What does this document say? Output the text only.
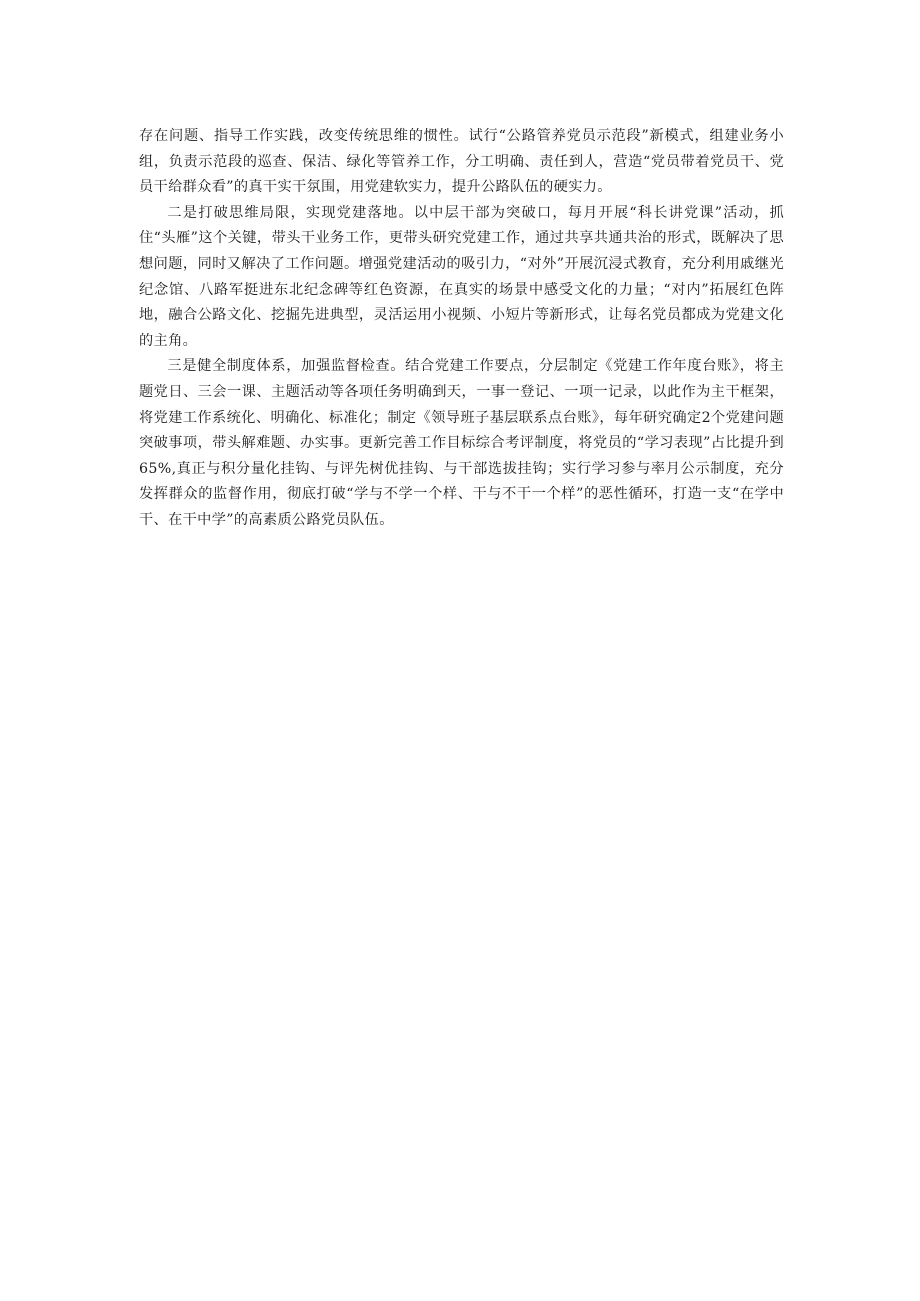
存在问题、指导工作实践，改变传统思维的惯性。试行“公路管养党员示范段”新模式，组建业务小组，负责示范段的巡查、保洁、绿化等管养工作，分工明确、责任到人，营造“党员带着党员干、党员干给群众看”的真干实干氛围，用党建软实力，提升公路队伍的硬实力。

二是打破思维局限，实现党建落地。以中层干部为突破口，每月开展“科长讲党课”活动，抓住“头雁”这个关键，带头干业务工作，更带头研究党建工作，通过共享共通共治的形式，既解决了思想问题，同时又解决了工作问题。增强党建活动的吸引力，“对外”开展沉浸式教育，充分利用戚继光纪念馆、八路军挺进东北纪念碑等红色资源，在真实的场景中感受文化的力量；“对内”拓展红色阵地，融合公路文化、挖掘先进典型，灵活运用小视频、小短片等新形式，让每名党员都成为党建文化的主角。

三是健全制度体系，加强监督检查。结合党建工作要点，分层制定《党建工作年度台账》，将主题党日、三会一课、主题活动等各项任务明确到天，一事一登记、一项一记录，以此作为主干框架，将党建工作系统化、明确化、标准化；制定《领导班子基层联系点台账》，每年研究确定2个党建问题突破事项，带头解难题、办实事。更新完善工作目标综合考评制度，将党员的“学习表现”占比提升到65%,真正与积分量化挂钩、与评先树优挂钩、与干部选拔挂钩；实行学习参与率月公示制度，充分发挥群众的监督作用，彻底打破“学与不学一个样、干与不干一个样”的恶性循环，打造一支“在学中干、在干中学”的高素质公路党员队伍。
